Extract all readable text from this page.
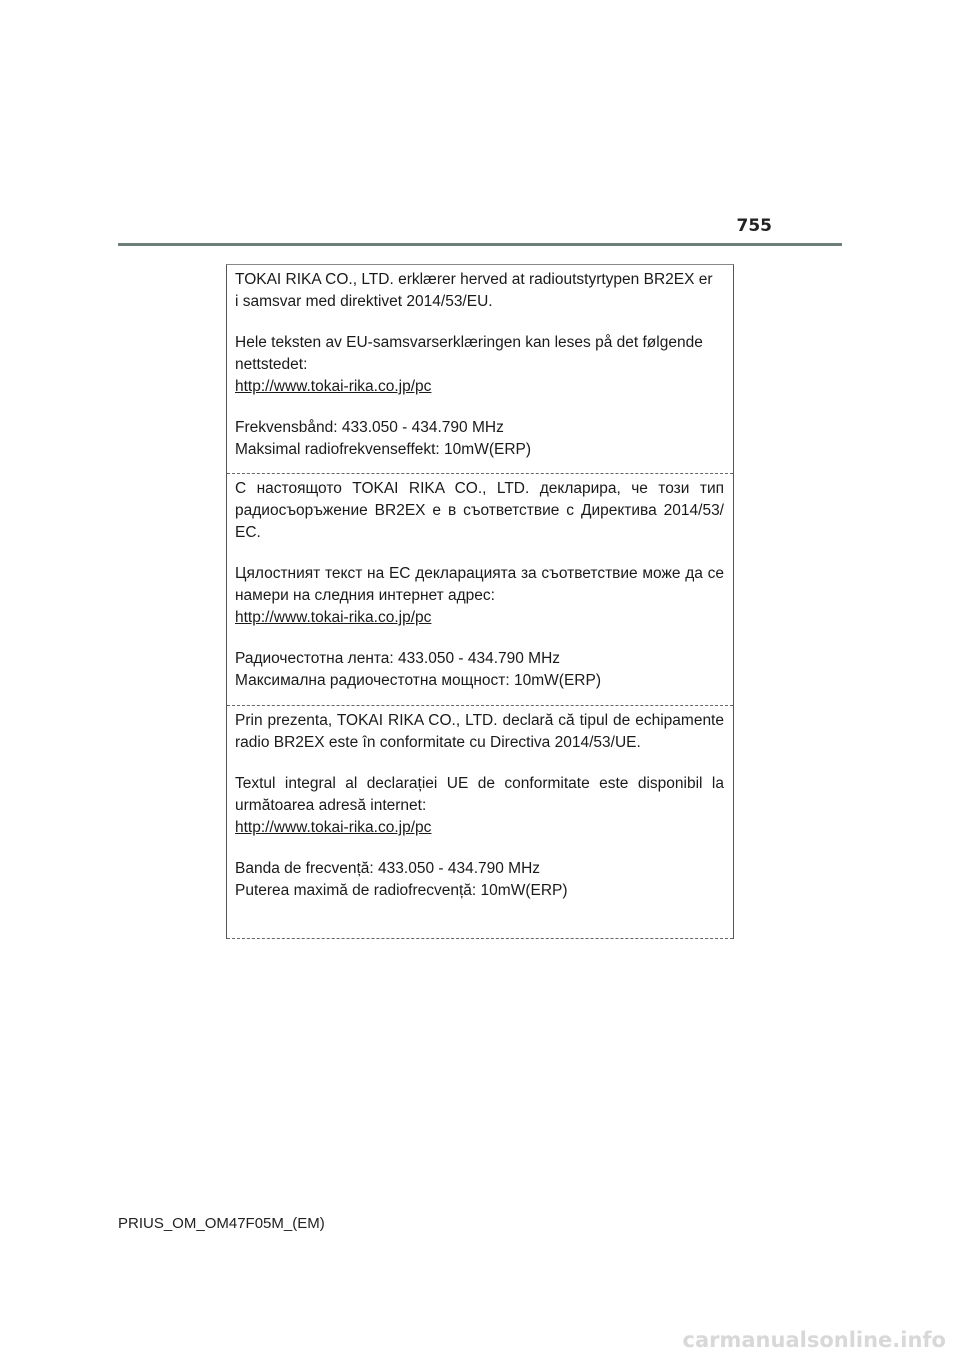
755

TOKAI RIKA CO., LTD. erklærer herved at radioutstyrtypen BR2EX er
i samsvar med direktivet 2014/53/EU.

Hele teksten av EU-samsvarserklæringen kan leses på det følgende
nettstedet:
http://www.tokai-rika.co.jp/pc

Frekvensbånd: 433.050 - 434.790 MHz
Maksimal radiofrekvenseffekt: 10mW(ERP)

С настоящото TOKAI RIKA CO., LTD. декларира, че този тип радиосъоръжение BR2EX е в съответствие с Директива 2014/53/ЕС.

Цялостният текст на ЕС декларацията за съответствие може да се намери на следния интернет адрес:
http://www.tokai-rika.co.jp/pc

Радиочестотна лента: 433.050 - 434.790 MHz
Максимална радиочестотна мощност: 10mW(ERP)

Prin prezenta, TOKAI RIKA CO., LTD. declară că tipul de echipamente radio BR2EX este în conformitate cu Directiva 2014/53/UE.

Textul integral al declarației UE de conformitate este disponibil la următoarea adresă internet:
http://www.tokai-rika.co.jp/pc

Banda de frecvență: 433.050 - 434.790 MHz
Puterea maximă de radiofrecvență: 10mW(ERP)

PRIUS_OM_OM47F05M_(EM)
carmanualsonline.info
